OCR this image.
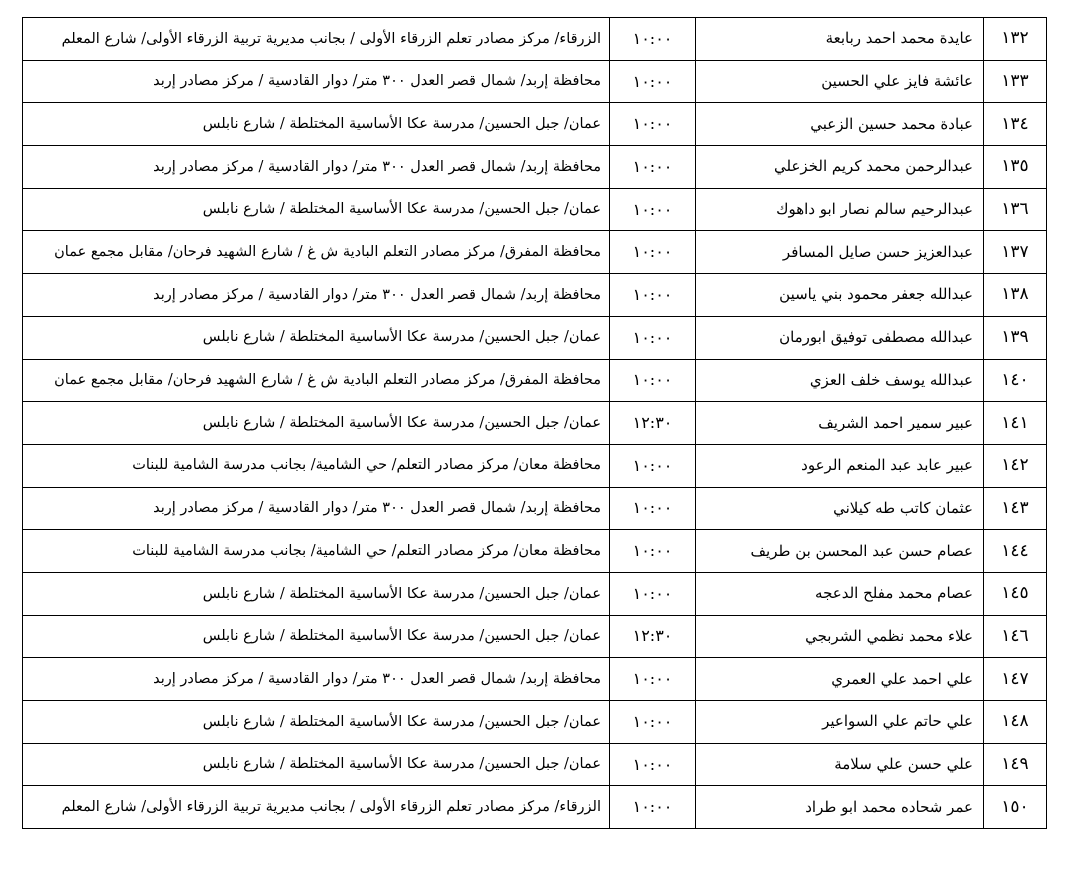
١٣٢	عايدة محمد احمد ربابعة	١٠:٠٠	الزرقاء/ مركز مصادر تعلم الزرقاء الأولى / بجانب مديرية تربية الزرقاء الأولى/ شارع المعلم
١٣٣	عائشة فايز علي الحسين	١٠:٠٠	محافظة إربد/ شمال قصر العدل ٣٠٠ متر/ دوار القادسية / مركز مصادر إربد
١٣٤	عبادة محمد حسين الزعبي	١٠:٠٠	عمان/ جبل الحسين/ مدرسة عكا الأساسية المختلطة / شارع نابلس
١٣٥	عبدالرحمن محمد كريم الخزعلي	١٠:٠٠	محافظة إربد/ شمال قصر العدل ٣٠٠ متر/ دوار القادسية / مركز مصادر إربد
١٣٦	عبدالرحيم سالم نصار ابو داهوك	١٠:٠٠	عمان/ جبل الحسين/ مدرسة عكا الأساسية المختلطة / شارع نابلس
١٣٧	عبدالعزيز حسن صايل المسافر	١٠:٠٠	محافظة المفرق/ مركز مصادر التعلم البادية ش غ / شارع الشهيد فرحان/ مقابل مجمع عمان
١٣٨	عبدالله جعفر محمود بني ياسين	١٠:٠٠	محافظة إربد/ شمال قصر العدل ٣٠٠ متر/ دوار القادسية / مركز مصادر إربد
١٣٩	عبدالله مصطفى توفيق ابورمان	١٠:٠٠	عمان/ جبل الحسين/ مدرسة عكا الأساسية المختلطة / شارع نابلس
١٤٠	عبدالله يوسف خلف العزي	١٠:٠٠	محافظة المفرق/ مركز مصادر التعلم البادية ش غ / شارع الشهيد فرحان/ مقابل مجمع عمان
١٤١	عبير سمير احمد الشريف	١٢:٣٠	عمان/ جبل الحسين/ مدرسة عكا الأساسية المختلطة / شارع نابلس
١٤٢	عبير عابد عبد المنعم الرعود	١٠:٠٠	محافظة معان/ مركز مصادر التعلم/ حي الشامية/ بجانب مدرسة الشامية للبنات
١٤٣	عثمان كاتب طه كيلاني	١٠:٠٠	محافظة إربد/ شمال قصر العدل ٣٠٠ متر/ دوار القادسية / مركز مصادر إربد
١٤٤	عصام حسن عبد المحسن بن طريف	١٠:٠٠	محافظة معان/ مركز مصادر التعلم/ حي الشامية/ بجانب مدرسة الشامية للبنات
١٤٥	عصام محمد مفلح الدعجه	١٠:٠٠	عمان/ جبل الحسين/ مدرسة عكا الأساسية المختلطة / شارع نابلس
١٤٦	علاء محمد نظمي الشربجي	١٢:٣٠	عمان/ جبل الحسين/ مدرسة عكا الأساسية المختلطة / شارع نابلس
١٤٧	علي احمد علي العمري	١٠:٠٠	محافظة إربد/ شمال قصر العدل ٣٠٠ متر/ دوار القادسية / مركز مصادر إربد
١٤٨	علي حاتم علي السواعير	١٠:٠٠	عمان/ جبل الحسين/ مدرسة عكا الأساسية المختلطة / شارع نابلس
١٤٩	علي حسن علي سلامة	١٠:٠٠	عمان/ جبل الحسين/ مدرسة عكا الأساسية المختلطة / شارع نابلس
١٥٠	عمر شحاده محمد ابو طراد	١٠:٠٠	الزرقاء/ مركز مصادر تعلم الزرقاء الأولى / بجانب مديرية تربية الزرقاء الأولى/ شارع المعلم
